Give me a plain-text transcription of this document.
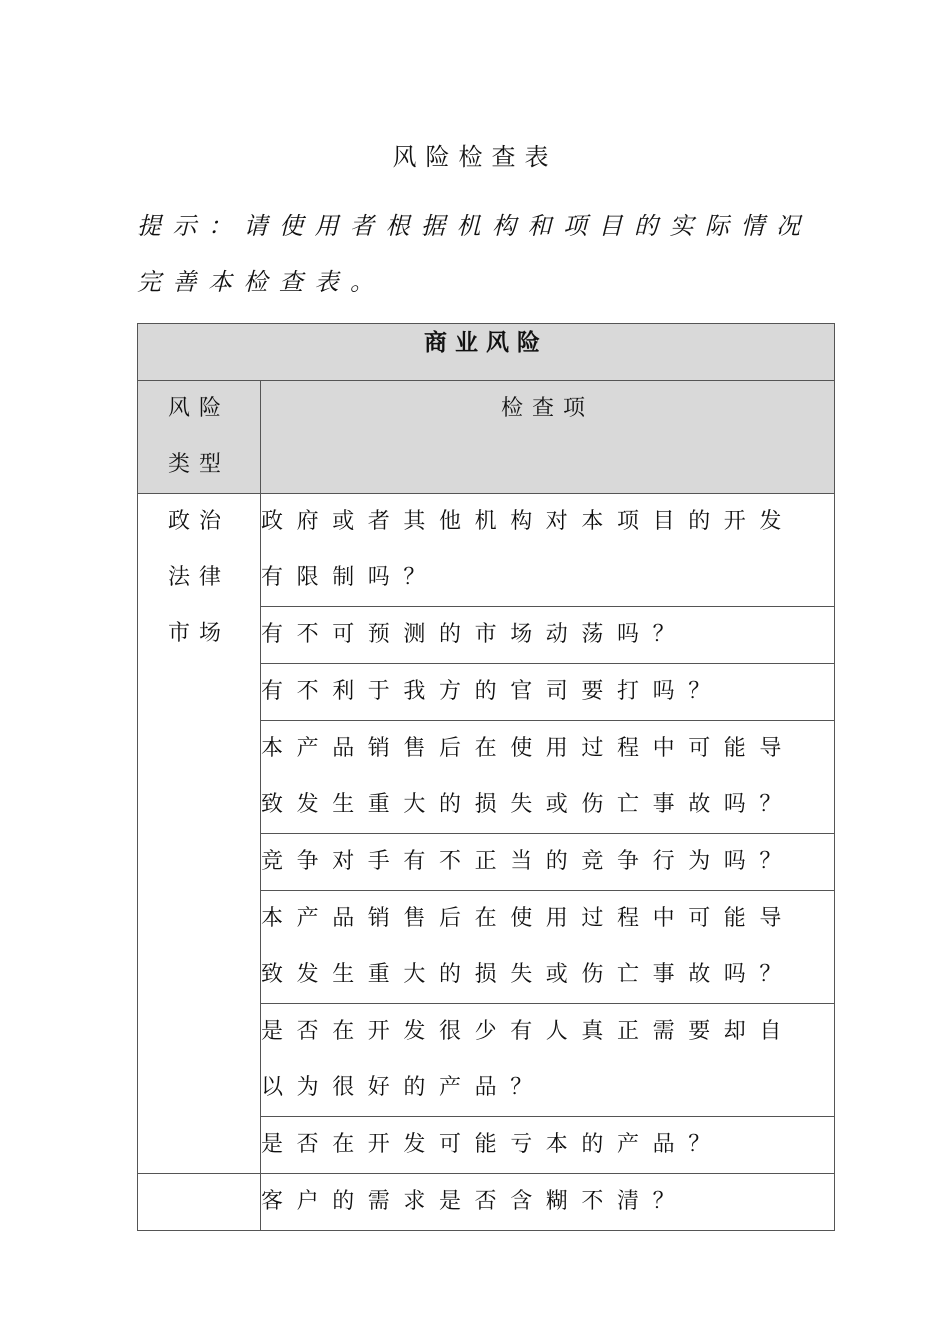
风险检查表
提示：请使用者根据机构和项目的实际情况
完善本检查表。
商业风险	

风险
类型	检查项

政治
法律
市场	政府或者其他机构对本项目的开发
有限制吗？

	有不可预测的市场动荡吗？

	有不利于我方的官司要打吗？

	本产品销售后在使用过程中可能导
致发生重大的损失或伤亡事故吗？

	竞争对手有不正当的竞争行为吗？

	本产品销售后在使用过程中可能导
致发生重大的损失或伤亡事故吗？

	是否在开发很少有人真正需要却自
以为很好的产品？

	是否在开发可能亏本的产品？

	客户的需求是否含糊不清？
